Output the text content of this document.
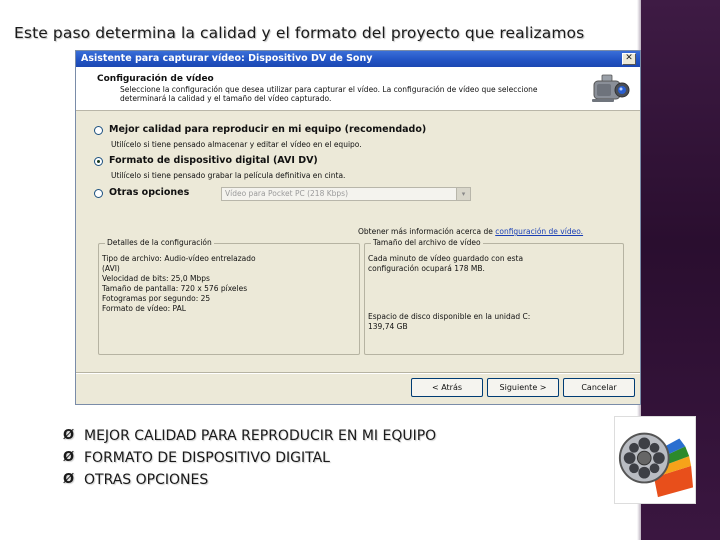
Este paso determina la calidad y el formato del proyecto que realizamos
Asistente para capturar vídeo: Dispositivo DV de Sony	✕
Configuración de vídeo
Seleccione la configuración que desea utilizar para capturar el vídeo. La configuración de vídeo que seleccione determinará la calidad y el tamaño del vídeo capturado.
Mejor calidad para reproducir en mi equipo (recomendado)
Utilícelo si tiene pensado almacenar y editar el vídeo en el equipo.
Formato de dispositivo digital (AVI DV)
Utilícelo si tiene pensado grabar la película definitiva en cinta.
Otras opciones	Vídeo para Pocket PC (218 Kbps)	▾
Obtener más información acerca de configuración de vídeo.
Detalles de la configuración
Tipo de archivo: Audio-vídeo entrelazado
(AVI)
Velocidad de bits: 25,0 Mbps
Tamaño de pantalla: 720 x 576 píxeles
Fotogramas por segundo: 25
Formato de vídeo: PAL
Tamaño del archivo de vídeo
Cada minuto de vídeo guardado con esta
configuración ocupará 178 MB.
Espacio de disco disponible en la unidad C:
139,74 GB
< Atrás	Siguiente >	Cancelar
Ø MEJOR CALIDAD PARA REPRODUCIR EN MI EQUIPO
Ø FORMATO DE DISPOSITIVO DIGITAL
Ø OTRAS OPCIONES
